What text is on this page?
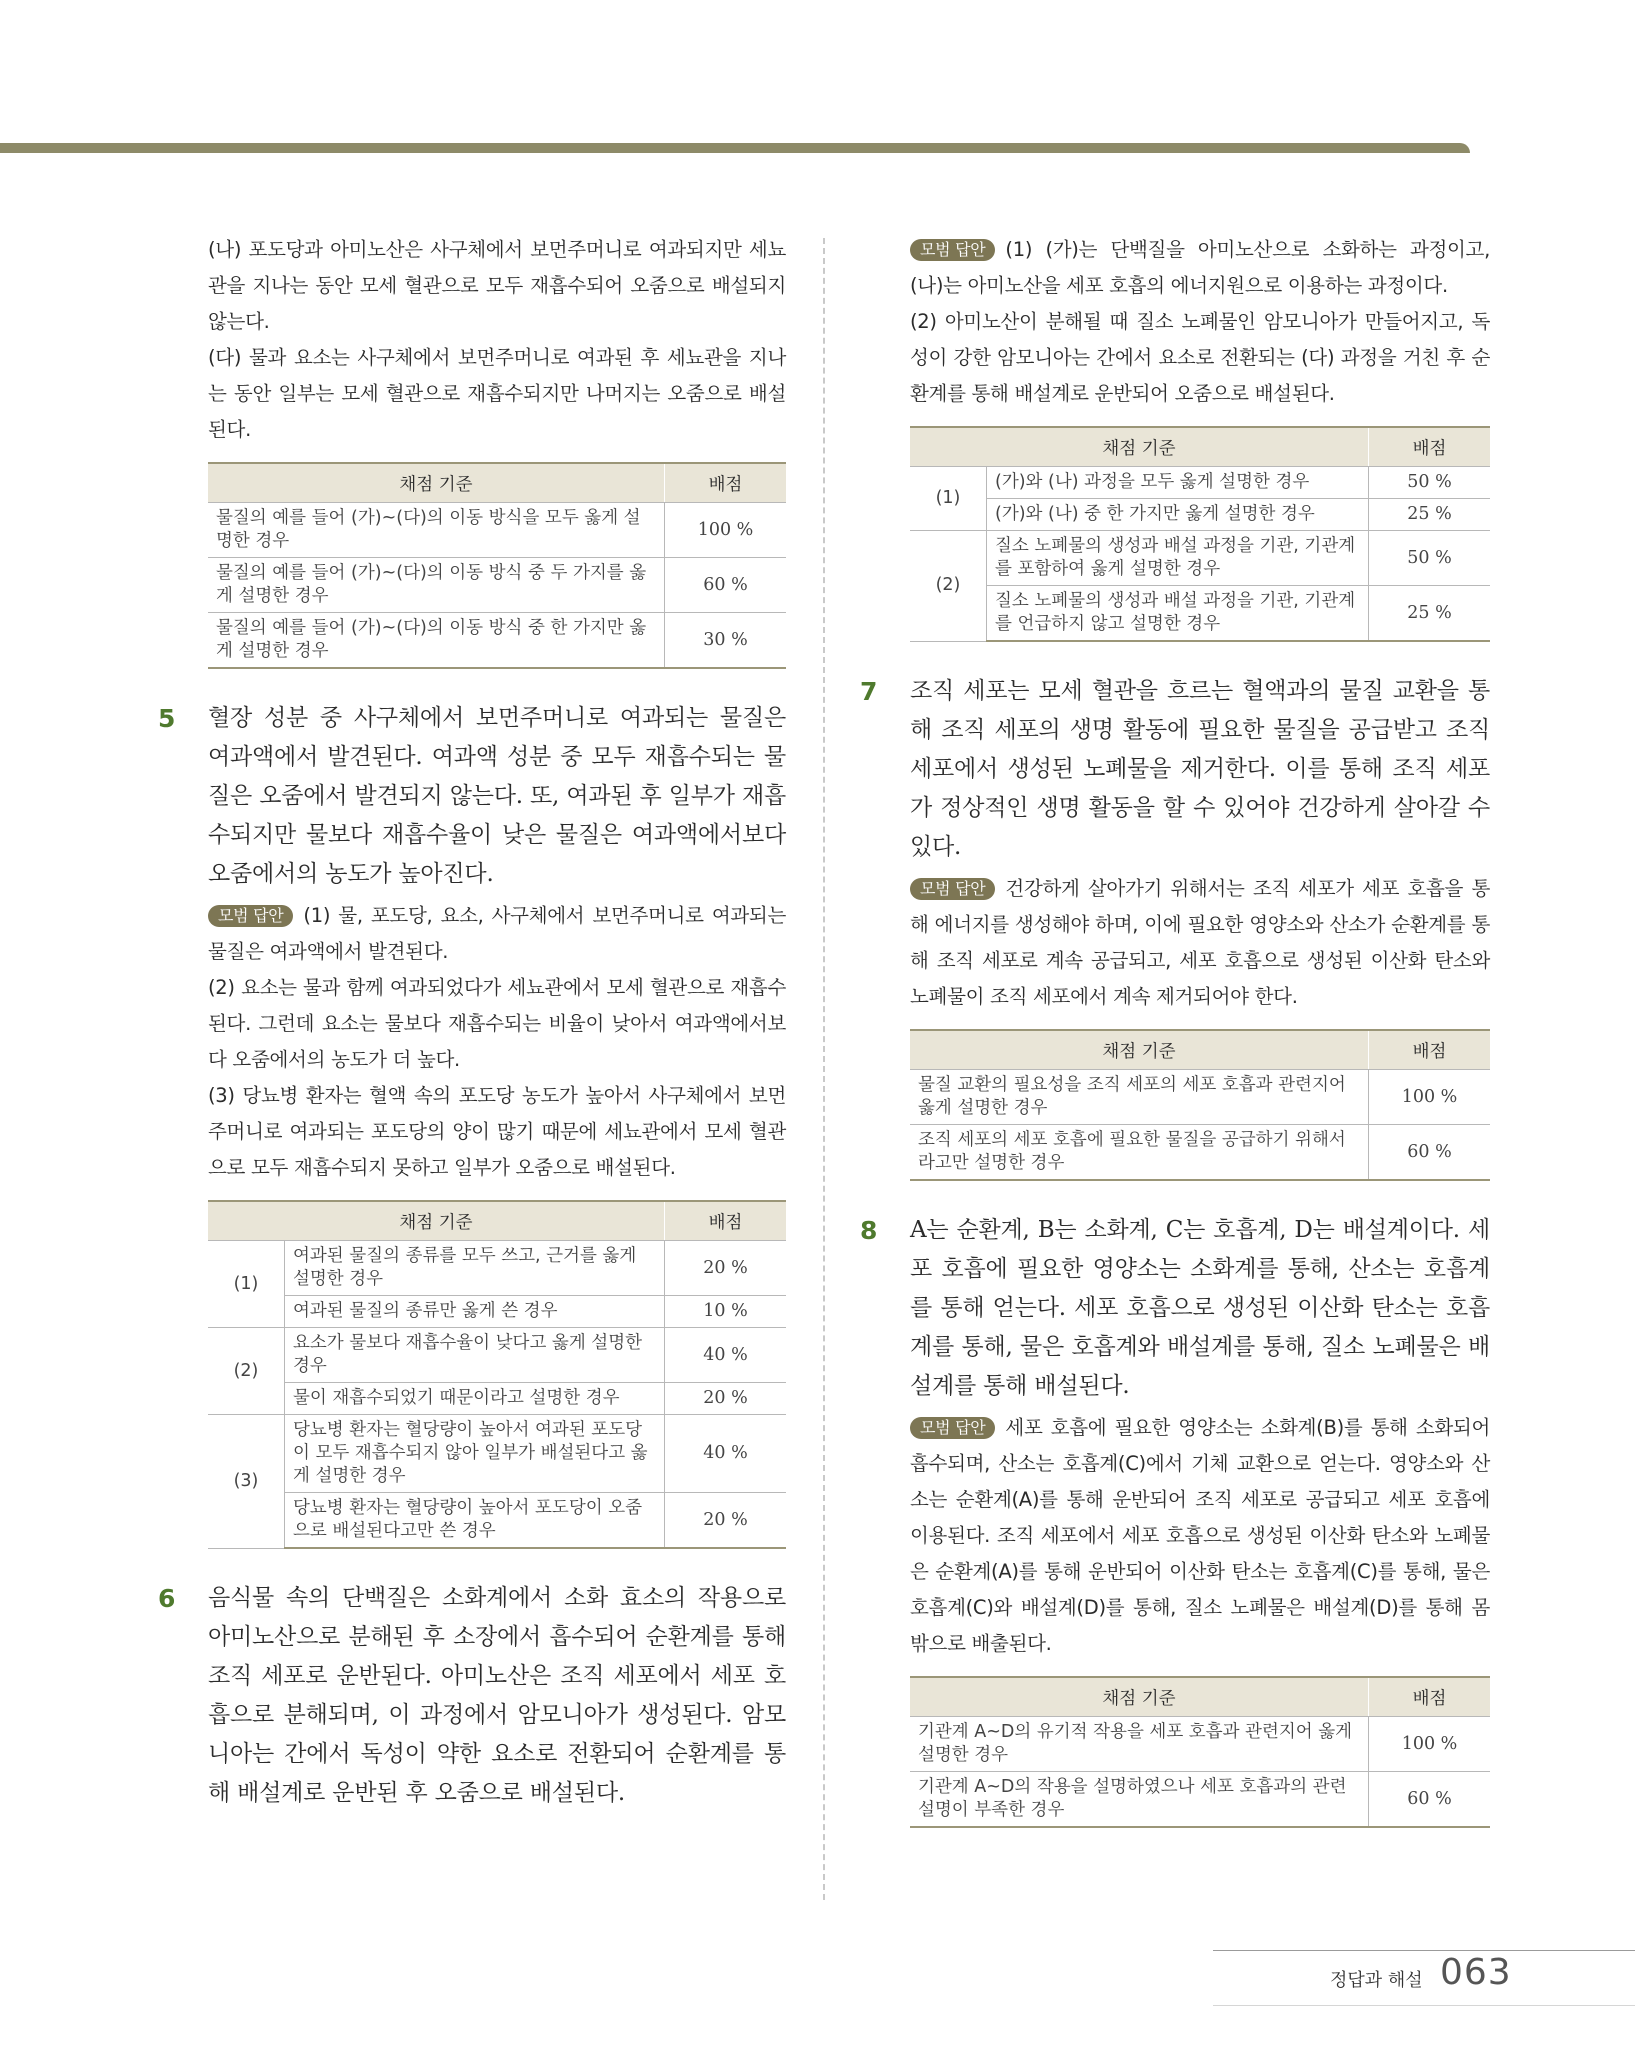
(나) 포도당과 아미노산은 사구체에서 보먼주머니로 여과되지만 세뇨관을 지나는 동안 모세 혈관으로 모두 재흡수되어 오줌으로 배설되지 않는다.

(다) 물과 요소는 사구체에서 보먼주머니로 여과된 후 세뇨관을 지나는 동안 일부는 모세 혈관으로 재흡수되지만 나머지는 오줌으로 배설된다.

채점 기준	배점
물질의 예를 들어 (가)~(다)의 이동 방식을 모두 옳게 설명한 경우	100 %
물질의 예를 들어 (가)~(다)의 이동 방식 중 두 가지를 옳게 설명한 경우	60 %
물질의 예를 들어 (가)~(다)의 이동 방식 중 한 가지만 옳게 설명한 경우	30 %

5 혈장 성분 중 사구체에서 보먼주머니로 여과되는 물질은 여과액에서 발견된다. 여과액 성분 중 모두 재흡수되는 물질은 오줌에서 발견되지 않는다. 또, 여과된 후 일부가 재흡수되지만 물보다 재흡수율이 낮은 물질은 여과액에서보다 오줌에서의 농도가 높아진다.

모범 답안 (1) 물, 포도당, 요소, 사구체에서 보먼주머니로 여과되는 물질은 여과액에서 발견된다.

(2) 요소는 물과 함께 여과되었다가 세뇨관에서 모세 혈관으로 재흡수된다. 그런데 요소는 물보다 재흡수되는 비율이 낮아서 여과액에서보다 오줌에서의 농도가 더 높다.

(3) 당뇨병 환자는 혈액 속의 포도당 농도가 높아서 사구체에서 보먼주머니로 여과되는 포도당의 양이 많기 때문에 세뇨관에서 모세 혈관으로 모두 재흡수되지 못하고 일부가 오줌으로 배설된다.

채점 기준		배점
(1)	여과된 물질의 종류를 모두 쓰고, 근거를 옳게 설명한 경우	20 %
	여과된 물질의 종류만 옳게 쓴 경우	10 %
(2)	요소가 물보다 재흡수율이 낮다고 옳게 설명한 경우	40 %
	물이 재흡수되었기 때문이라고 설명한 경우	20 %
(3)	당뇨병 환자는 혈당량이 높아서 여과된 포도당이 모두 재흡수되지 않아 일부가 배설된다고 옳게 설명한 경우	40 %
	당뇨병 환자는 혈당량이 높아서 포도당이 오줌으로 배설된다고만 쓴 경우	20 %

6 음식물 속의 단백질은 소화계에서 소화 효소의 작용으로 아미노산으로 분해된 후 소장에서 흡수되어 순환계를 통해 조직 세포로 운반된다. 아미노산은 조직 세포에서 세포 호흡으로 분해되며, 이 과정에서 암모니아가 생성된다. 암모니아는 간에서 독성이 약한 요소로 전환되어 순환계를 통해 배설계로 운반된 후 오줌으로 배설된다.

모범 답안 (1) (가)는 단백질을 아미노산으로 소화하는 과정이고, (나)는 아미노산을 세포 호흡의 에너지원으로 이용하는 과정이다.

(2) 아미노산이 분해될 때 질소 노폐물인 암모니아가 만들어지고, 독성이 강한 암모니아는 간에서 요소로 전환되는 (다) 과정을 거친 후 순환계를 통해 배설계로 운반되어 오줌으로 배설된다.

채점 기준		배점
(1)	(가)와 (나) 과정을 모두 옳게 설명한 경우	50 %
	(가)와 (나) 중 한 가지만 옳게 설명한 경우	25 %
(2)	질소 노폐물의 생성과 배설 과정을 기관, 기관계를 포함하여 옳게 설명한 경우	50 %
	질소 노폐물의 생성과 배설 과정을 기관, 기관계를 언급하지 않고 설명한 경우	25 %

7 조직 세포는 모세 혈관을 흐르는 혈액과의 물질 교환을 통해 조직 세포의 생명 활동에 필요한 물질을 공급받고 조직 세포에서 생성된 노폐물을 제거한다. 이를 통해 조직 세포가 정상적인 생명 활동을 할 수 있어야 건강하게 살아갈 수 있다.

모범 답안 건강하게 살아가기 위해서는 조직 세포가 세포 호흡을 통해 에너지를 생성해야 하며, 이에 필요한 영양소와 산소가 순환계를 통해 조직 세포로 계속 공급되고, 세포 호흡으로 생성된 이산화 탄소와 노폐물이 조직 세포에서 계속 제거되어야 한다.

채점 기준	배점
물질 교환의 필요성을 조직 세포의 세포 호흡과 관련지어 옳게 설명한 경우	100 %
조직 세포의 세포 호흡에 필요한 물질을 공급하기 위해서라고만 설명한 경우	60 %

8 A는 순환계, B는 소화계, C는 호흡계, D는 배설계이다. 세포 호흡에 필요한 영양소는 소화계를 통해, 산소는 호흡계를 통해 얻는다. 세포 호흡으로 생성된 이산화 탄소는 호흡계를 통해, 물은 호흡계와 배설계를 통해, 질소 노폐물은 배설계를 통해 배설된다.

모범 답안 세포 호흡에 필요한 영양소는 소화계(B)를 통해 소화되어 흡수되며, 산소는 호흡계(C)에서 기체 교환으로 얻는다. 영양소와 산소는 순환계(A)를 통해 운반되어 조직 세포로 공급되고 세포 호흡에 이용된다. 조직 세포에서 세포 호흡으로 생성된 이산화 탄소와 노폐물은 순환계(A)를 통해 운반되어 이산화 탄소는 호흡계(C)를 통해, 물은 호흡계(C)와 배설계(D)를 통해, 질소 노폐물은 배설계(D)를 통해 몸 밖으로 배출된다.

채점 기준	배점
기관계 A~D의 유기적 작용을 세포 호흡과 관련지어 옳게 설명한 경우	100 %
기관계 A~D의 작용을 설명하였으나 세포 호흡과의 관련 설명이 부족한 경우	60 %
정답과 해설 063
